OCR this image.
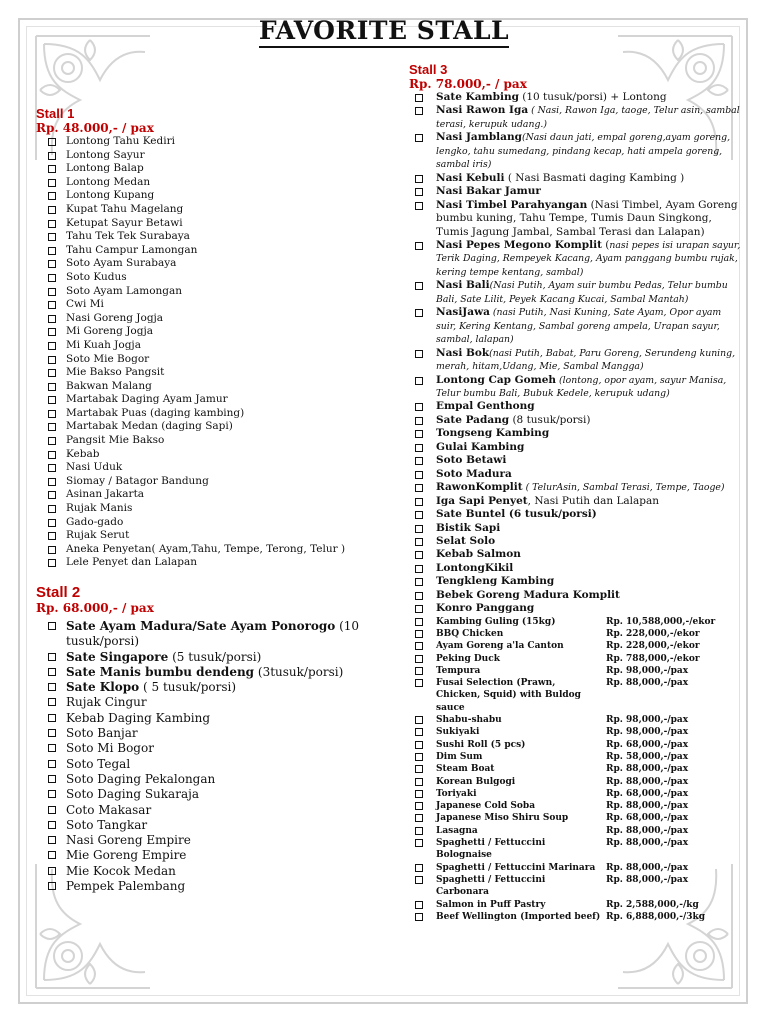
FAVORITE STALL
Stall 1
Rp. 48.000,- / pax
Lontong Tahu Kediri
Lontong Sayur
Lontong Balap
Lontong Medan
Lontong Kupang
Kupat Tahu Magelang
Ketupat Sayur Betawi
Tahu Tek Tek Surabaya
Tahu Campur Lamongan
Soto Ayam Surabaya
Soto Kudus
Soto Ayam Lamongan
Cwi Mi
Nasi Goreng Jogja
Mi Goreng Jogja
Mi Kuah Jogja
Soto Mie Bogor
Mie Bakso Pangsit
Bakwan Malang
Martabak Daging Ayam Jamur
Martabak Puas (daging kambing)
Martabak Medan (daging Sapi)
Pangsit Mie Bakso
Kebab
Nasi Uduk
Siomay / Batagor Bandung
Asinan Jakarta
Rujak Manis
Gado-gado
Rujak Serut
Aneka Penyetan( Ayam,Tahu, Tempe, Terong, Telur )
Lele Penyet dan Lalapan
Stall 2
Rp. 68.000,- / pax
Sate Ayam Madura/Sate Ayam Ponorogo (10 tusuk/porsi)
Sate Singapore (5 tusuk/porsi)
Sate Manis bumbu dendeng (3tusuk/porsi)
Sate Klopo ( 5 tusuk/porsi)
Rujak Cingur
Kebab Daging Kambing
Soto Banjar
Soto Mi Bogor
Soto Tegal
Soto Daging Pekalongan
Soto Daging Sukaraja
Coto Makasar
Soto Tangkar
Nasi Goreng Empire
Mie Goreng Empire
Mie Kocok Medan
Pempek Palembang
Stall 3
Rp. 78.000,- / pax
Sate Kambing (10 tusuk/porsi) + Lontong
Nasi Rawon Iga ( Nasi, Rawon Iga, taoge, Telur asin, sambal terasi, kerupuk udang.)
Nasi Jamblang(Nasi daun jati, empal goreng,ayam goreng, lengko, tahu sumedang, pindang kecap, hati ampela goreng, sambal iris)
Nasi Kebuli ( Nasi Basmati daging Kambing )
Nasi Bakar Jamur
Nasi Timbel Parahyangan (Nasi Timbel, Ayam Goreng bumbu kuning, Tahu Tempe, Tumis Daun Singkong, Tumis Jagung Jambal, Sambal Terasi dan Lalapan)
Nasi Pepes Megono Komplit (nasi pepes isi urapan sayur, Terik Daging, Rempeyek Kacang, Ayam panggang bumbu rujak, kering tempe kentang, sambal)
Nasi Bali(Nasi Putih, Ayam suir bumbu Pedas, Telur bumbu Bali, Sate Lilit, Peyek Kacang Kucai, Sambal Mantah)
NasiJawa (nasi Putih, Nasi Kuning, Sate Ayam, Opor ayam suir, Kering Kentang, Sambal goreng ampela, Urapan sayur, sambal, lalapan)
Nasi Bok(nasi Putih, Babat, Paru Goreng, Serundeng kuning, merah, hitam,Udang, Mie, Sambal Mangga)
Lontong Cap Gomeh (lontong, opor ayam, sayur Manisa, Telur bumbu Bali, Bubuk Kedele, kerupuk udang)
Empal Genthong
Sate Padang (8 tusuk/porsi)
Tongseng Kambing
Gulai Kambing
Soto Betawi
Soto Madura
RawonKomplit ( TelurAsin, Sambal Terasi, Tempe, Taoge)
Iga Sapi Penyet, Nasi Putih dan Lalapan
Sate Buntel (6 tusuk/porsi)
Bistik Sapi
Selat Solo
Kebab Salmon
LontongKikil
Tengkleng Kambing
Bebek Goreng Madura Komplit
Konro Panggang
Kambing Guling (15kg)	Rp. 10,588,000,-/ekor
BBQ Chicken	Rp. 228,000,-/ekor
Ayam Goreng a'la Canton	Rp. 228,000,-/ekor
Peking Duck	Rp. 788,000,-/ekor
Tempura	Rp. 98,000,-/pax
Fusai Selection (Prawn, Chicken, Squid) with Buldog sauce
Rp. 88,000,-/pax
Shabu-shabu	Rp. 98,000,-/pax
Sukiyaki	Rp. 98,000,-/pax
Sushi Roll (5 pcs)	Rp. 68,000,-/pax
Dim Sum	Rp. 58,000,-/pax
Steam Boat	Rp. 88,000,-/pax
Korean Bulgogi	Rp. 88,000,-/pax
Toriyaki	Rp. 68,000,-/pax
Japanese Cold Soba	Rp. 88,000,-/pax
Japanese Miso Shiru Soup	Rp. 68,000,-/pax
Lasagna	Rp. 88,000,-/pax
Spaghetti / Fettuccini Bolognaise
Rp. 88,000,-/pax
Spaghetti / Fettuccini Marinara Rp. 88,000,-/pax
Spaghetti / Fettuccini Carbonara
Rp. 88,000,-/pax
Salmon in Puff Pastry	Rp. 2,588,000,-/kg
Beef Wellington (Imported beef) Rp. 6,888,000,-/3kg
